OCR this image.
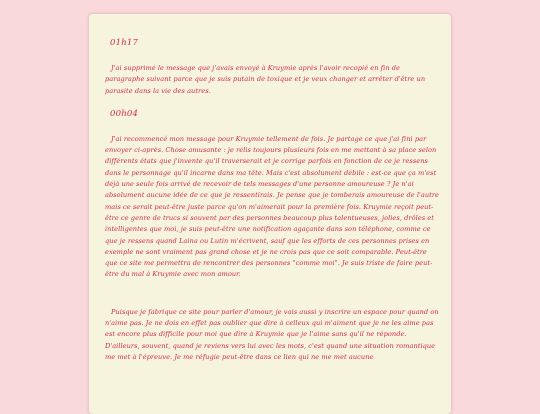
01h17

J'ai supprimé le message que j'avais envoyé à Kruymie après l'avoir recopié en fin de paragraphe suivant parce que je suis putain de toxique et je veux changer et arrêter d'être un parasite dans la vie des autres.

00h04

J'ai recommencé mon message pour Kruymie tellement de fois. Je partage ce que j'ai fini par envoyer ci-après. Chose amusante : je relis toujours plusieurs fois en me mettant à sa place selon différents états que j'invente qu'il traverserait et je corrige parfois en fonction de ce je ressens dans le personnage qu'il incarne dans ma tête. Mais c'est absolument débile : est-ce que ça m'est déjà une seule fois arrivé de recevoir de tels messages d'une personne amoureuse ? Je n'ai absolument aucune idée de ce que je ressentirais. Je pense que je tomberais amoureuse de l'autre mais ce serait peut-être juste parce qu'on m'aimerait pour la première fois. Kruymie reçoit peut-être ce genre de trucs si souvent par des personnes beaucoup plus talentueuses, jolies, drôles et intelligentes que moi, je suis peut-être une notification agaçante dans son téléphone, comme ce que je ressens quand Laina ou Lutin m'écrivent, sauf que les efforts de ces personnes prises en exemple ne sont vraiment pas grand chose et je ne crois pas que ce soit comparable. Peut-être que ce site me permettra de rencontrer des personnes "comme moi". Je suis triste de faire peut-être du mal à Kruymie avec mon amour.

Puisque je fabrique ce site pour parler d'amour, je vais aussi y inscrire un espace pour quand on n'aime pas. Je ne dois en effet pas oublier que dire à celleux qui m'aiment que je ne les aime pas est encore plus difficile pour moi que dire à Kruymie que je l'aime sans qu'il ne réponde. D'ailleurs, souvent, quand je reviens vers lui avec les mots, c'est quand une situation romantique me met à l'épreuve. Je me réfugie peut-être dans ce lien qui ne me met aucune
